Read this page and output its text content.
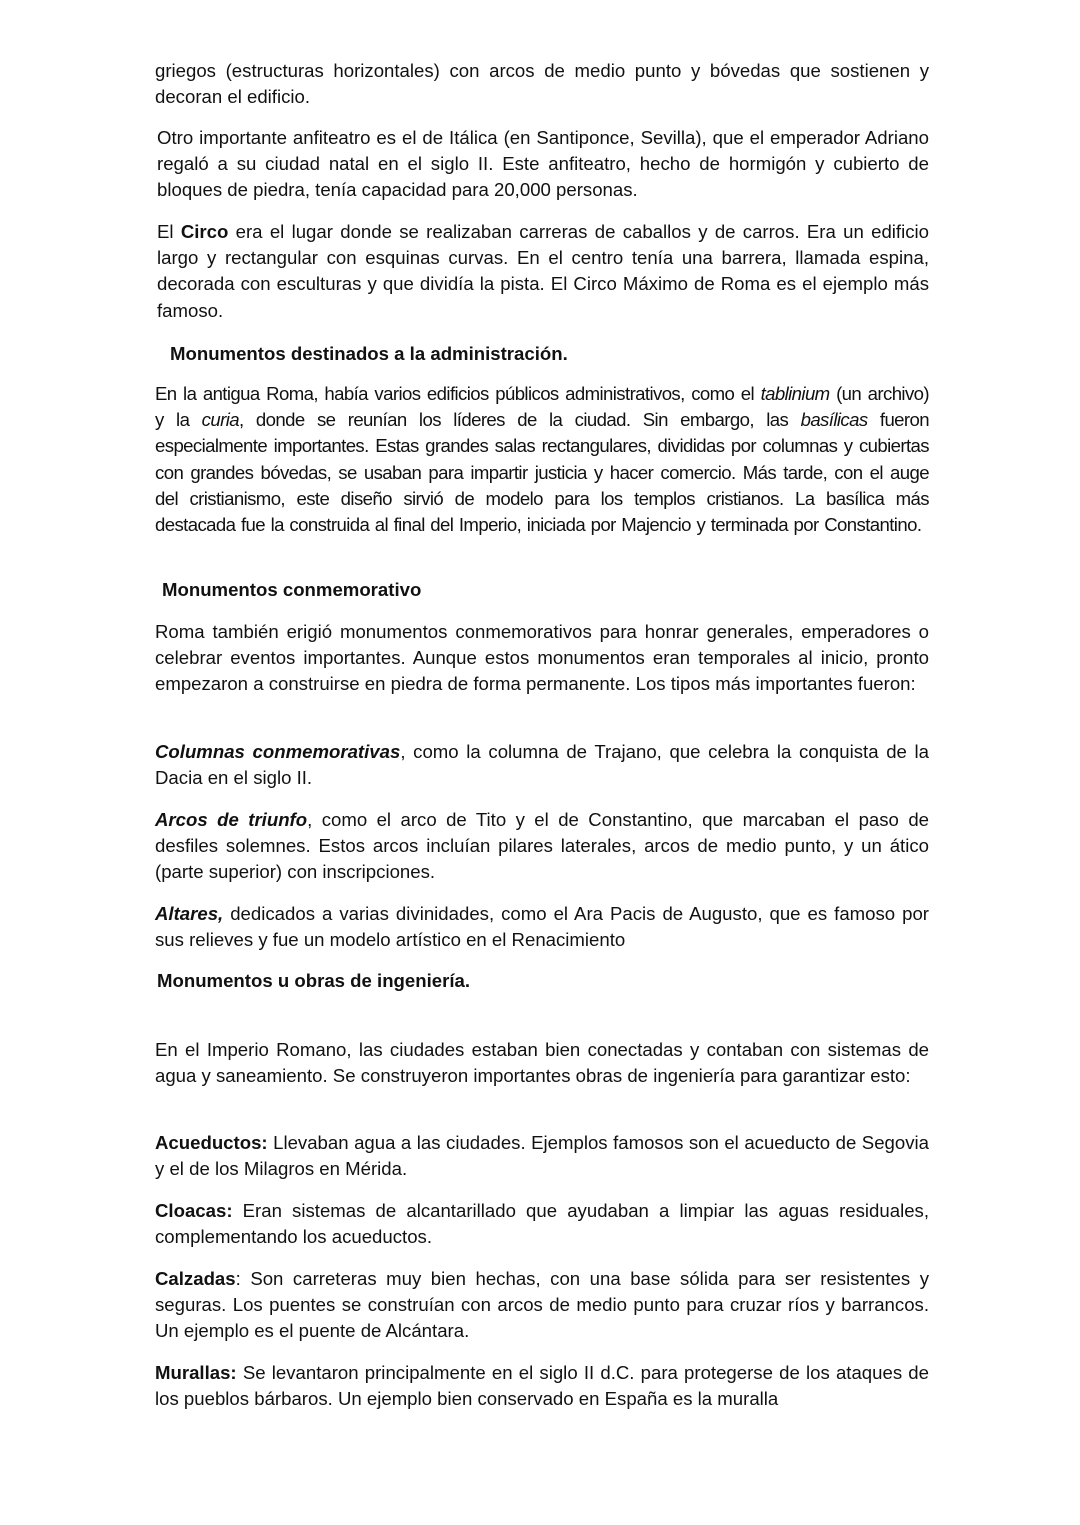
griegos (estructuras horizontales) con arcos de medio punto y bóvedas que sostienen y decoran el edificio.
Otro importante anfiteatro es el de Itálica (en Santiponce, Sevilla), que el emperador Adriano regaló a su ciudad natal en el siglo II. Este anfiteatro, hecho de hormigón y cubierto de bloques de piedra, tenía capacidad para 20,000 personas.
El Circo era el lugar donde se realizaban carreras de caballos y de carros. Era un edificio largo y rectangular con esquinas curvas. En el centro tenía una barrera, llamada espina, decorada con esculturas y que dividía la pista. El Circo Máximo de Roma es el ejemplo más famoso.
Monumentos destinados a la administración.
En la antigua Roma, había varios edificios públicos administrativos, como el tablinium (un archivo) y la curia, donde se reunían los líderes de la ciudad. Sin embargo, las basílicas fueron especialmente importantes. Estas grandes salas rectangulares, divididas por columnas y cubiertas con grandes bóvedas, se usaban para impartir justicia y hacer comercio. Más tarde, con el auge del cristianismo, este diseño sirvió de modelo para los templos cristianos. La basílica más destacada fue la construida al final del Imperio, iniciada por Majencio y terminada por Constantino.
Monumentos conmemorativo
Roma también erigió monumentos conmemorativos para honrar generales, emperadores o celebrar eventos importantes. Aunque estos monumentos eran temporales al inicio, pronto empezaron a construirse en piedra de forma permanente. Los tipos más importantes fueron:
Columnas conmemorativas, como la columna de Trajano, que celebra la conquista de la Dacia en el siglo II.
Arcos de triunfo, como el arco de Tito y el de Constantino, que marcaban el paso de desfiles solemnes. Estos arcos incluían pilares laterales, arcos de medio punto, y un ático (parte superior) con inscripciones.
Altares, dedicados a varias divinidades, como el Ara Pacis de Augusto, que es famoso por sus relieves y fue un modelo artístico en el Renacimiento
Monumentos u obras de ingeniería.
En el Imperio Romano, las ciudades estaban bien conectadas y contaban con sistemas de agua y saneamiento. Se construyeron importantes obras de ingeniería para garantizar esto:
Acueductos: Llevaban agua a las ciudades. Ejemplos famosos son el acueducto de Segovia y el de los Milagros en Mérida.
Cloacas: Eran sistemas de alcantarillado que ayudaban a limpiar las aguas residuales, complementando los acueductos.
Calzadas: Son carreteras muy bien hechas, con una base sólida para ser resistentes y seguras. Los puentes se construían con arcos de medio punto para cruzar ríos y barrancos. Un ejemplo es el puente de Alcántara.
Murallas: Se levantaron principalmente en el siglo II d.C. para protegerse de los ataques de los pueblos bárbaros. Un ejemplo bien conservado en España es la muralla
